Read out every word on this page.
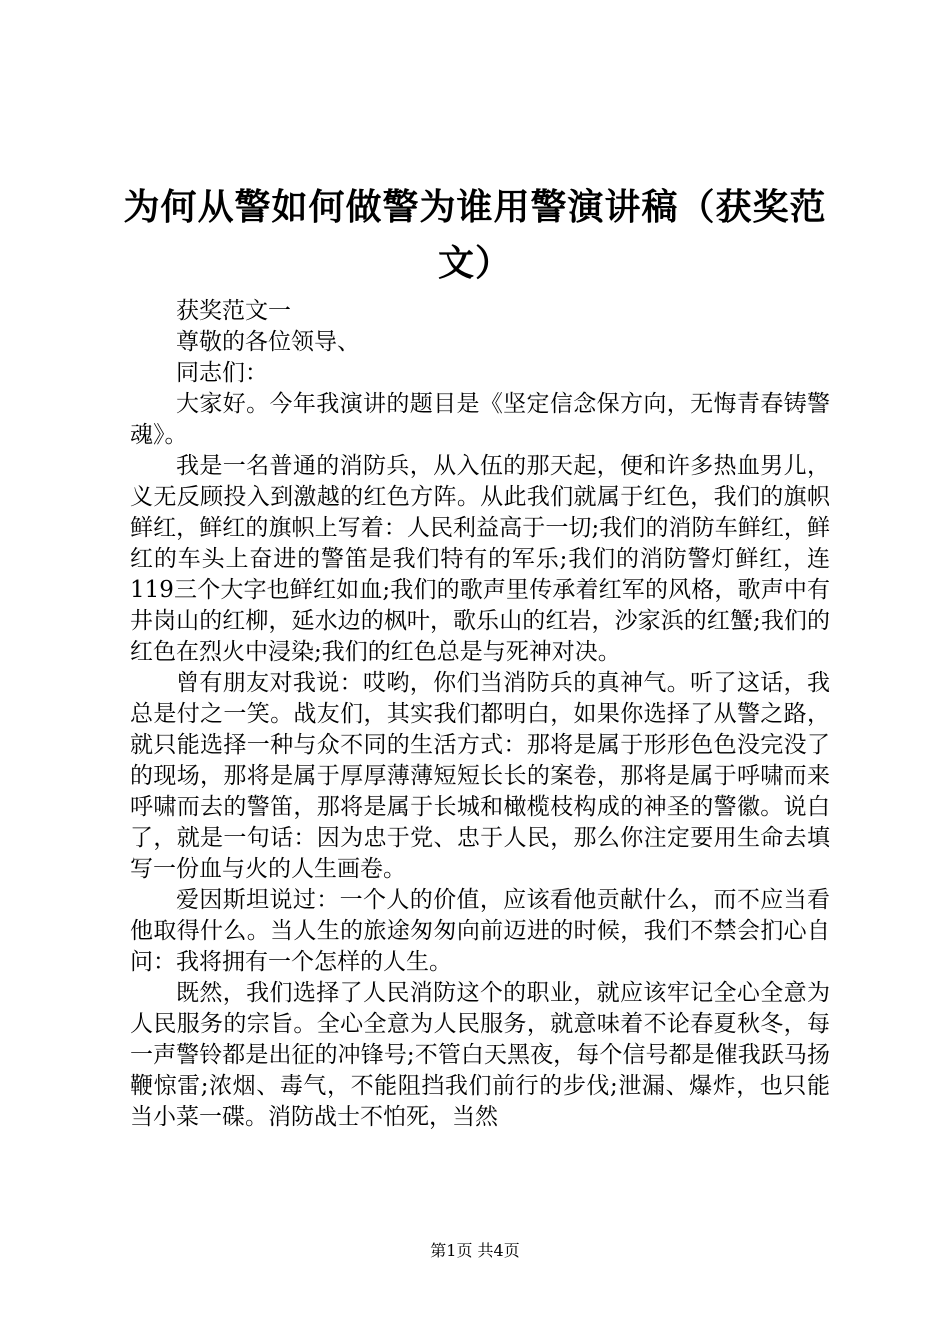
为何从警如何做警为谁用警演讲稿（获奖范文）

获奖范文一

尊敬的各位领导、

同志们：

大家好。今年我演讲的题目是《坚定信念保方向，无悔青春铸警魂》。

我是一名普通的消防兵，从入伍的那天起，便和许多热血男儿，义无反顾投入到激越的红色方阵。从此我们就属于红色，我们的旗帜鲜红，鲜红的旗帜上写着：人民利益高于一切;我们的消防车鲜红，鲜红的车头上奋进的警笛是我们特有的军乐;我们的消防警灯鲜红，连119三个大字也鲜红如血;我们的歌声里传承着红军的风格，歌声中有井岗山的红柳，延水边的枫叶，歌乐山的红岩，沙家浜的红蟹;我们的红色在烈火中浸染;我们的红色总是与死神对决。

曾有朋友对我说：哎哟，你们当消防兵的真神气。听了这话，我总是付之一笑。战友们，其实我们都明白，如果你选择了从警之路，就只能选择一种与众不同的生活方式：那将是属于形形色色没完没了的现场，那将是属于厚厚薄薄短短长长的案卷，那将是属于呼啸而来呼啸而去的警笛，那将是属于长城和橄榄枝构成的神圣的警徽。说白了，就是一句话：因为忠于党、忠于人民，那么你注定要用生命去填写一份血与火的人生画卷。

爱因斯坦说过：一个人的价值，应该看他贡献什么，而不应当看他取得什么。当人生的旅途匆匆向前迈进的时候，我们不禁会扪心自问：我将拥有一个怎样的人生。

既然，我们选择了人民消防这个的职业，就应该牢记全心全意为人民服务的宗旨。全心全意为人民服务，就意味着不论春夏秋冬，每一声警铃都是出征的冲锋号;不管白天黑夜，每个信号都是催我跃马扬鞭惊雷;浓烟、毒气，不能阻挡我们前行的步伐;泄漏、爆炸，也只能当小菜一碟。消防战士不怕死，当然

第1页 共4页
